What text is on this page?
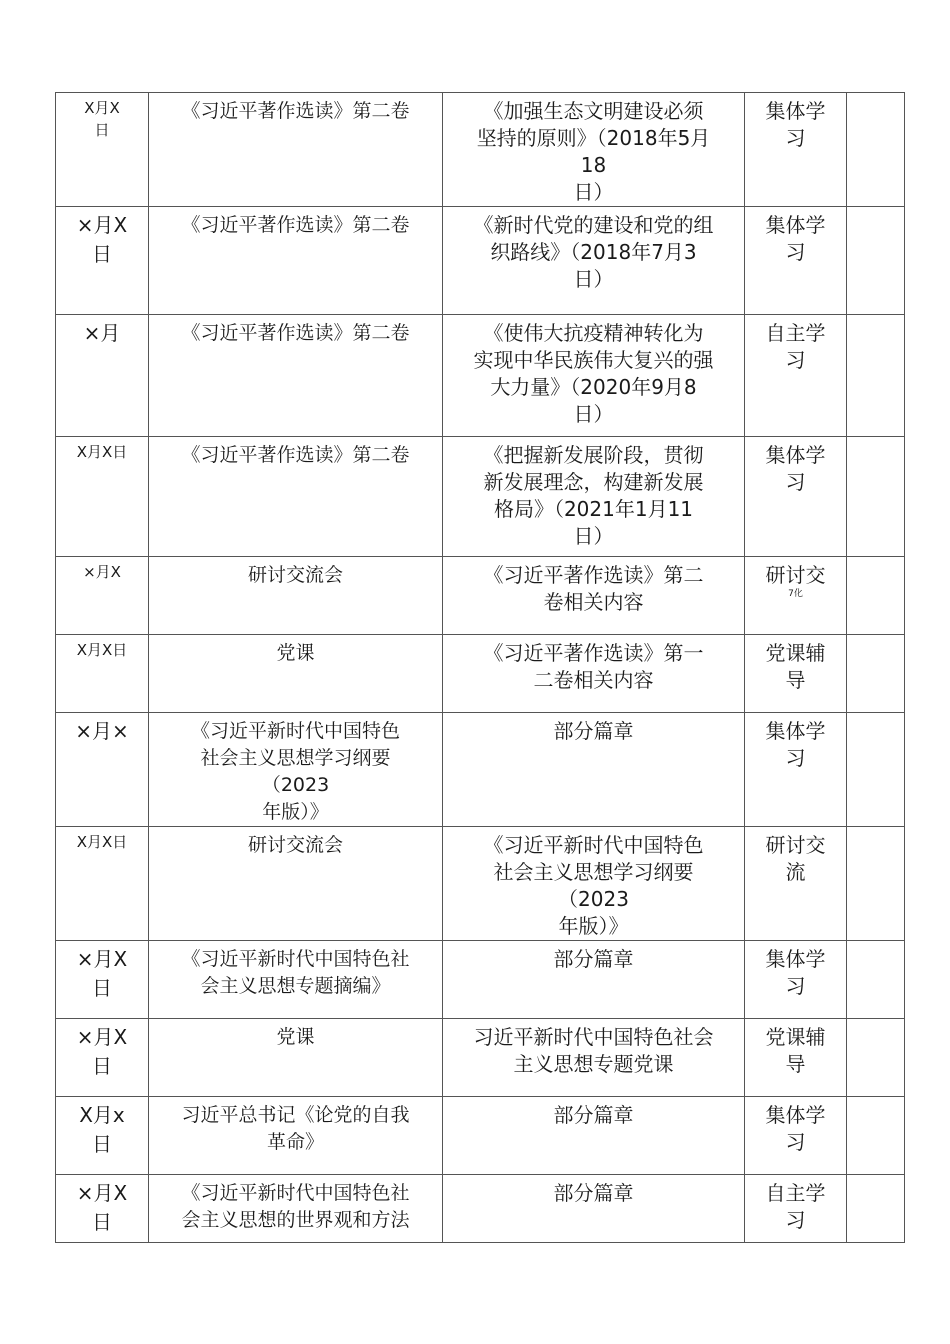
X月X
日	《习近平著作选读》第二卷	《加强生态文明建设必须
坚持的原则》（2018年5月
18
日）	集体学
习	

×月X
日	《习近平著作选读》第二卷	《新时代党的建设和党的组
织路线》（2018年7月3
日）	集体学
习	

×月	《习近平著作选读》第二卷	《使伟大抗疫精神转化为
实现中华民族伟大复兴的强
大力量》（2020年9月8
日）	自主学
习	

X月X日	《习近平著作选读》第二卷	《把握新发展阶段，贯彻
新发展理念，构建新发展
格局》（2021年1月11
日）	集体学
习	

×月X	研讨交流会	《习近平著作选读》第二
卷相关内容	研讨交
7化	

X月X日	党课	《习近平著作选读》第一
二卷相关内容	党课辅
导	

×月×	《习近平新时代中国特色
社会主义思想学习纲要
（2023
年版）》	部分篇章	集体学
习	

X月X日	研讨交流会	《习近平新时代中国特色
社会主义思想学习纲要
（2023
年版）》	研讨交
流	

×月X
日	《习近平新时代中国特色社
会主义思想专题摘编》	部分篇章	集体学
习	

×月X
日	党课	习近平新时代中国特色社会
主义思想专题党课	党课辅
导	

X月x
日	习近平总书记《论党的自我
革命》	部分篇章	集体学
习	

×月X
日	《习近平新时代中国特色社
会主义思想的世界观和方法	部分篇章	自主学
习	
